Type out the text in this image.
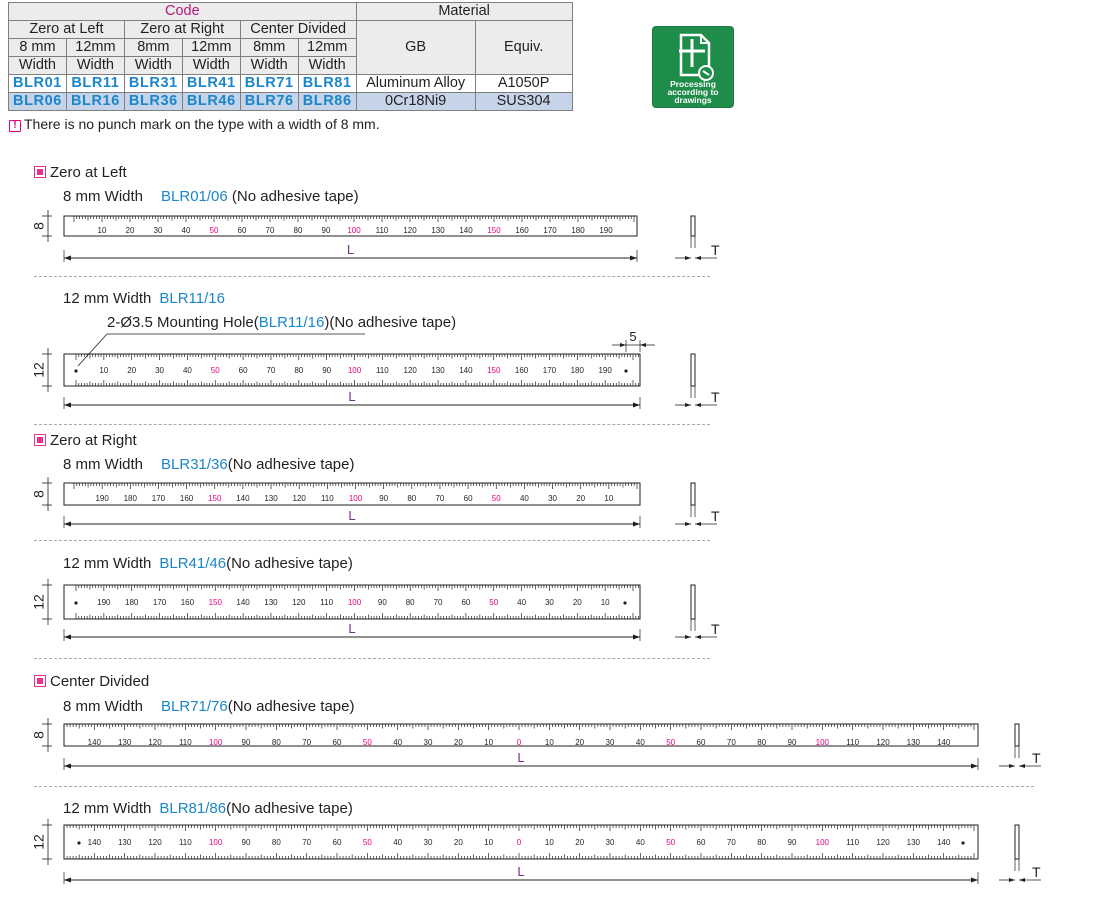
Code						Material	
Zero at Left		Zero at Right		Center Divided		GB	Equiv.
8 mm	12mm	8mm	12mm	8mm	12mm		
Width	Width	Width	Width	Width	Width		
BLR01	BLR11	BLR31	BLR41	BLR71	BLR81	Aluminum Alloy	A1050P
BLR06	BLR16	BLR36	BLR46	BLR76	BLR86	0Cr18Ni9	SUS304
! There is no punch mark on the type with a width of 8 mm.
Processing
according to
drawings
Zero at Left
Zero at Right
Center Divided
8 mm Width BLR01/06 (No adhesive tape)
12 mm Width BLR11/16
2-Ø3.5 Mounting Hole(BLR11/16)(No adhesive tape)
8 mm Width BLR31/36(No adhesive tape)
12 mm Width BLR41/46(No adhesive tape)
8 mm Width BLR71/76(No adhesive tape)
12 mm Width BLR81/86(No adhesive tape)
10 20 30 40 50 60 70 80 90 100 110 120 130 140 150 160 170 180 190
8
L	T
10 20 30 40 50 60 70 80 90 100 110 120 130 140 150 160 170 180 190
12
L	T
5
190 180 170 160 150 140 130 120 110 100 90 80 70 60 50 40 30 20 10
8
L	T
190 180 170 160 150 140 130 120 110 100 90 80 70 60 50 40 30 20 10
12
L	T
140 130 120 110 100 90	80	70	60	50	40	30	20	10	0	10	20	30	40	50	60	70	80	90 100 110 120 130 140
8
L	T
140 130 120 110 100 90	80	70	60	50	40	30	20	10	0	10	20	30	40	50	60	70	80	90 100 110 120 130 140
12
L	T
